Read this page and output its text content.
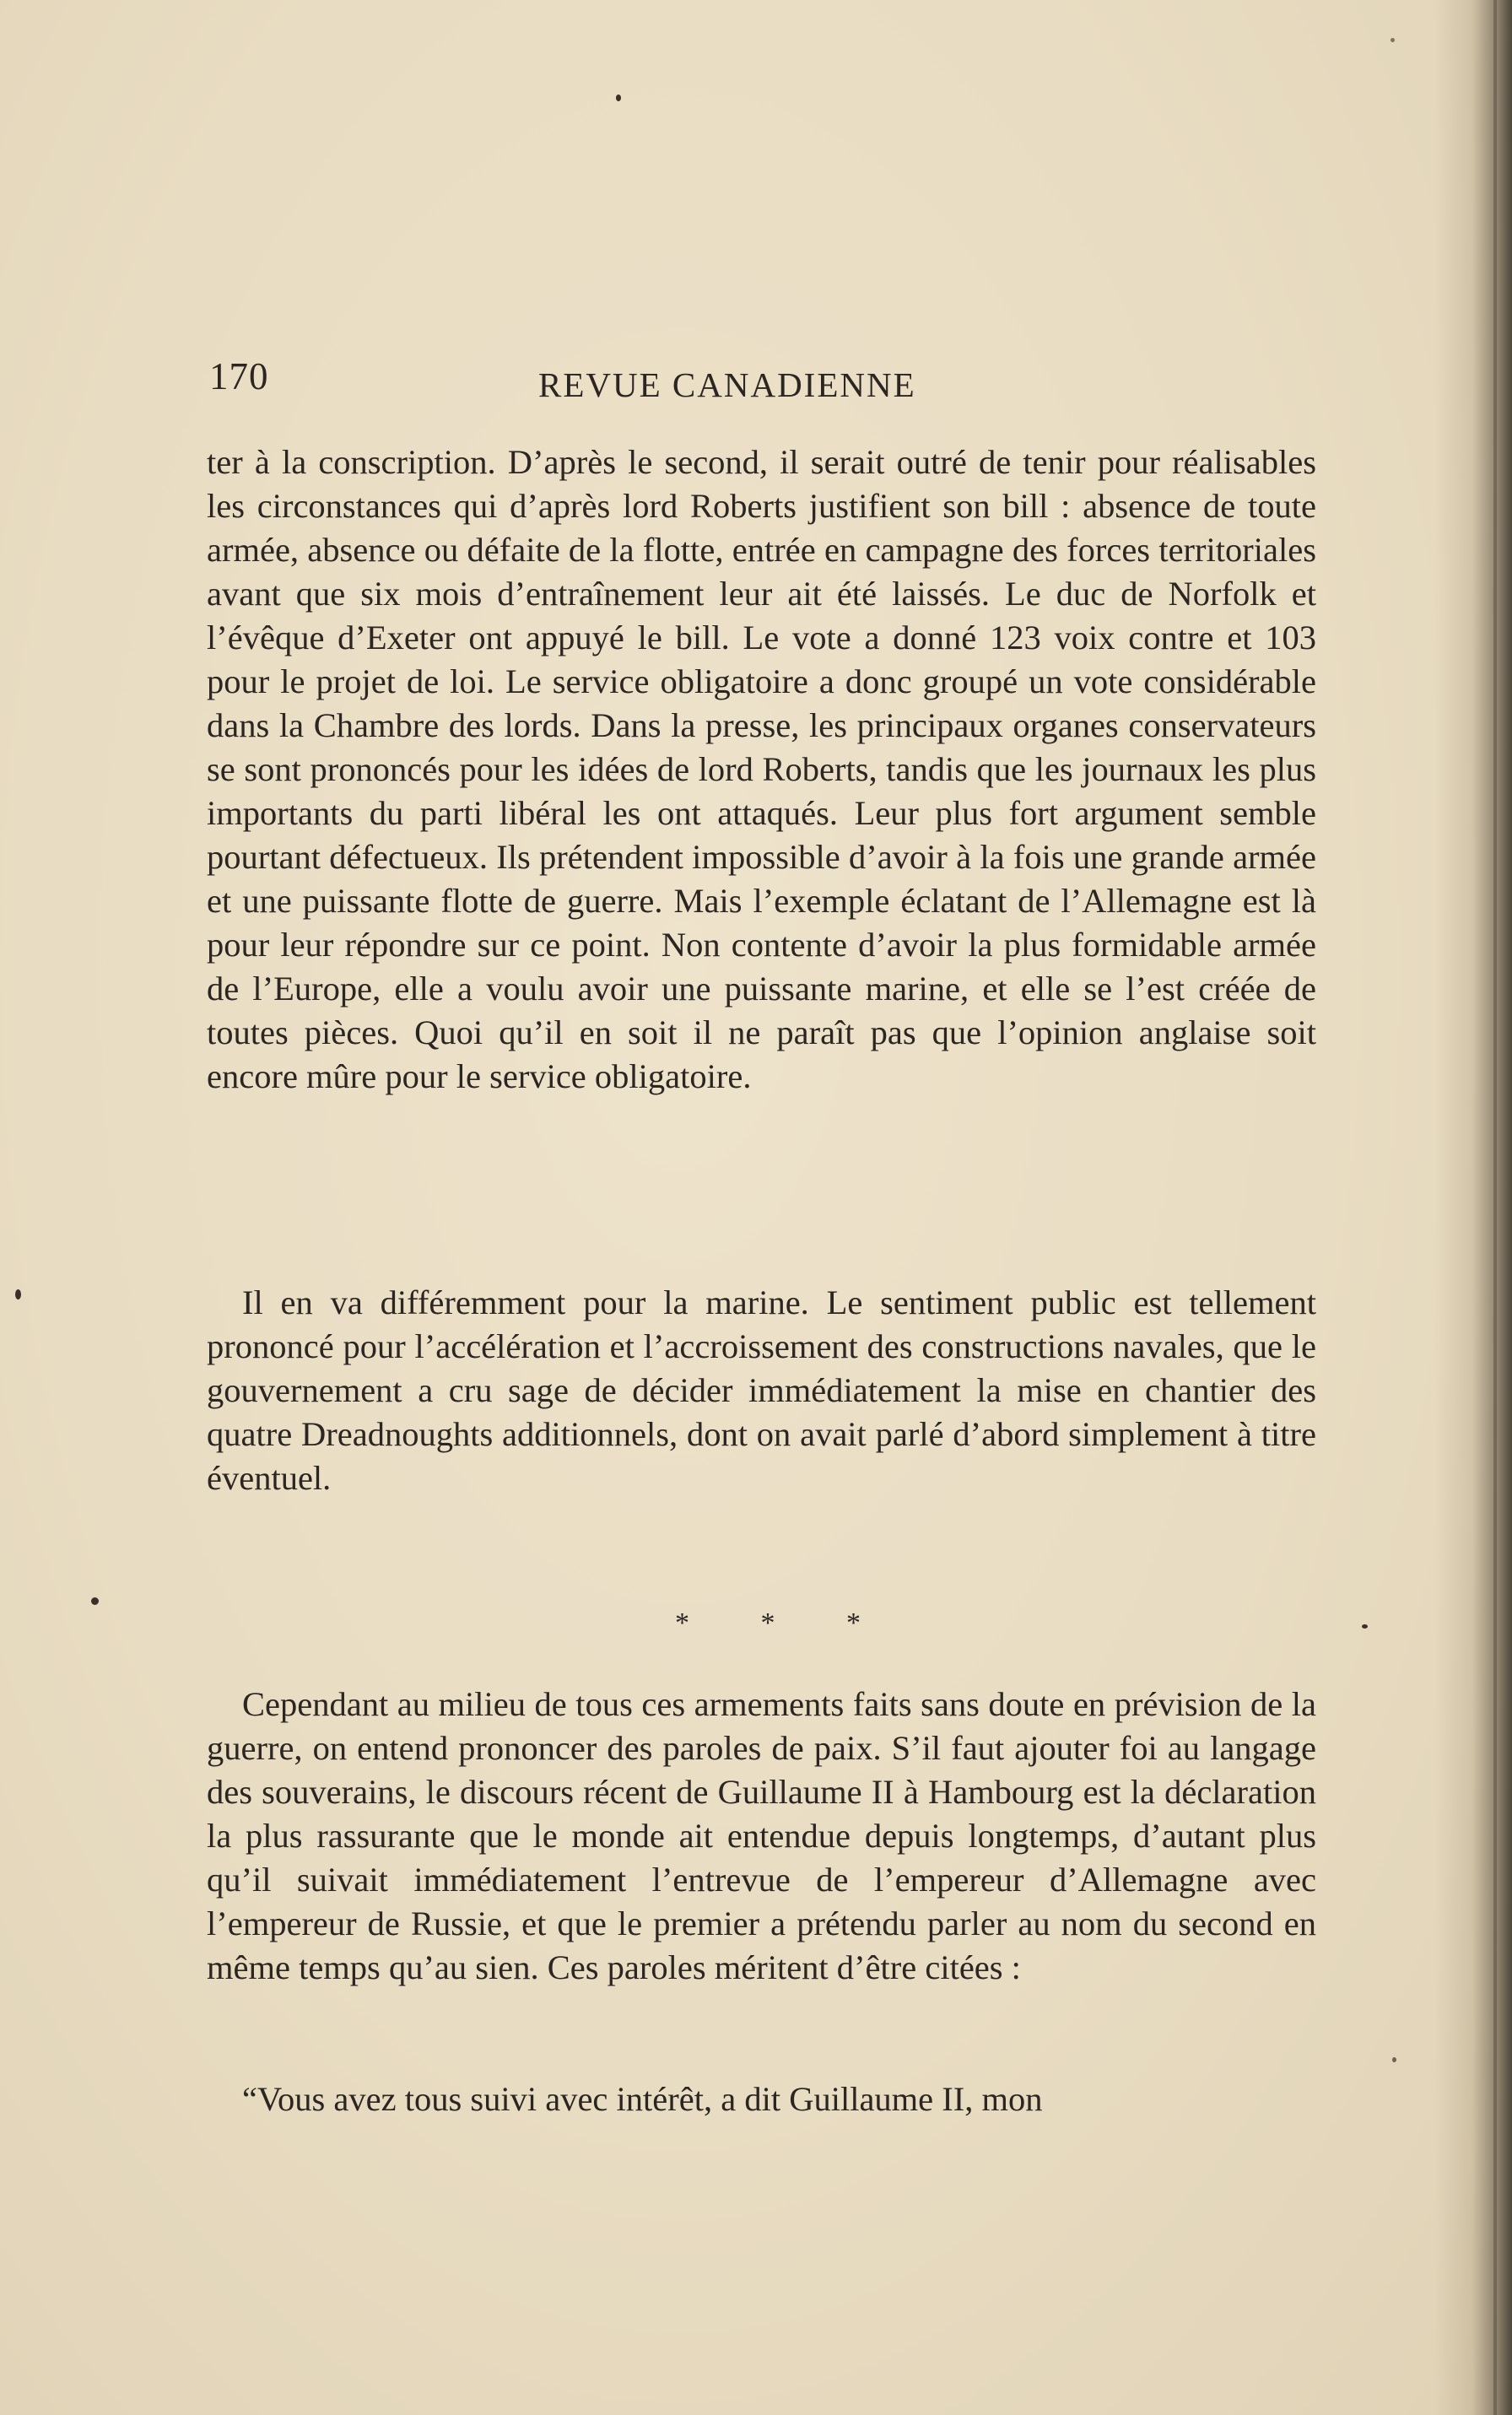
170	REVUE CANADIENNE

ter à la conscription. D’après le second, il serait outré de tenir pour réalisables les circonstances qui d’après lord Roberts justifient son bill : absence de toute armée, absence ou défaite de la flotte, entrée en campagne des forces territoriales avant que six mois d’entraînement leur ait été laissés. Le duc de Norfolk et l’évêque d’Exeter ont appuyé le bill. Le vote a donné 123 voix contre et 103 pour le projet de loi. Le service obligatoire a donc groupé un vote considérable dans la Chambre des lords. Dans la presse, les principaux organes conservateurs se sont prononcés pour les idées de lord Roberts, tandis que les journaux les plus importants du parti libéral les ont attaqués. Leur plus fort argument semble pourtant défectueux. Ils prétendent impossible d’avoir à la fois une grande armée et une puissante flotte de guerre. Mais l’exemple éclatant de l’Allemagne est là pour leur répondre sur ce point. Non contente d’avoir la plus formidable armée de l’Europe, elle a voulu avoir une puissante marine, et elle se l’est créée de toutes pièces. Quoi qu’il en soit il ne paraît pas que l’opinion anglaise soit encore mûre pour le service obligatoire.

Il en va différemment pour la marine. Le sentiment public est tellement prononcé pour l’accélération et l’accroissement des constructions navales, que le gouvernement a cru sage de décider immédiatement la mise en chantier des quatre Dreadnoughts additionnels, dont on avait parlé d’abord simplement à titre éventuel.

* * *

Cependant au milieu de tous ces armements faits sans doute en prévision de la guerre, on entend prononcer des paroles de paix. S’il faut ajouter foi au langage des souverains, le discours récent de Guillaume II à Hambourg est la déclaration la plus rassurante que le monde ait entendue depuis longtemps, d’autant plus qu’il suivait immédiatement l’entrevue de l’empereur d’Allemagne avec l’empereur de Russie, et que le premier a prétendu parler au nom du second en même temps qu’au sien. Ces paroles méritent d’être citées :

“Vous avez tous suivi avec intérêt, a dit Guillaume II, mon
